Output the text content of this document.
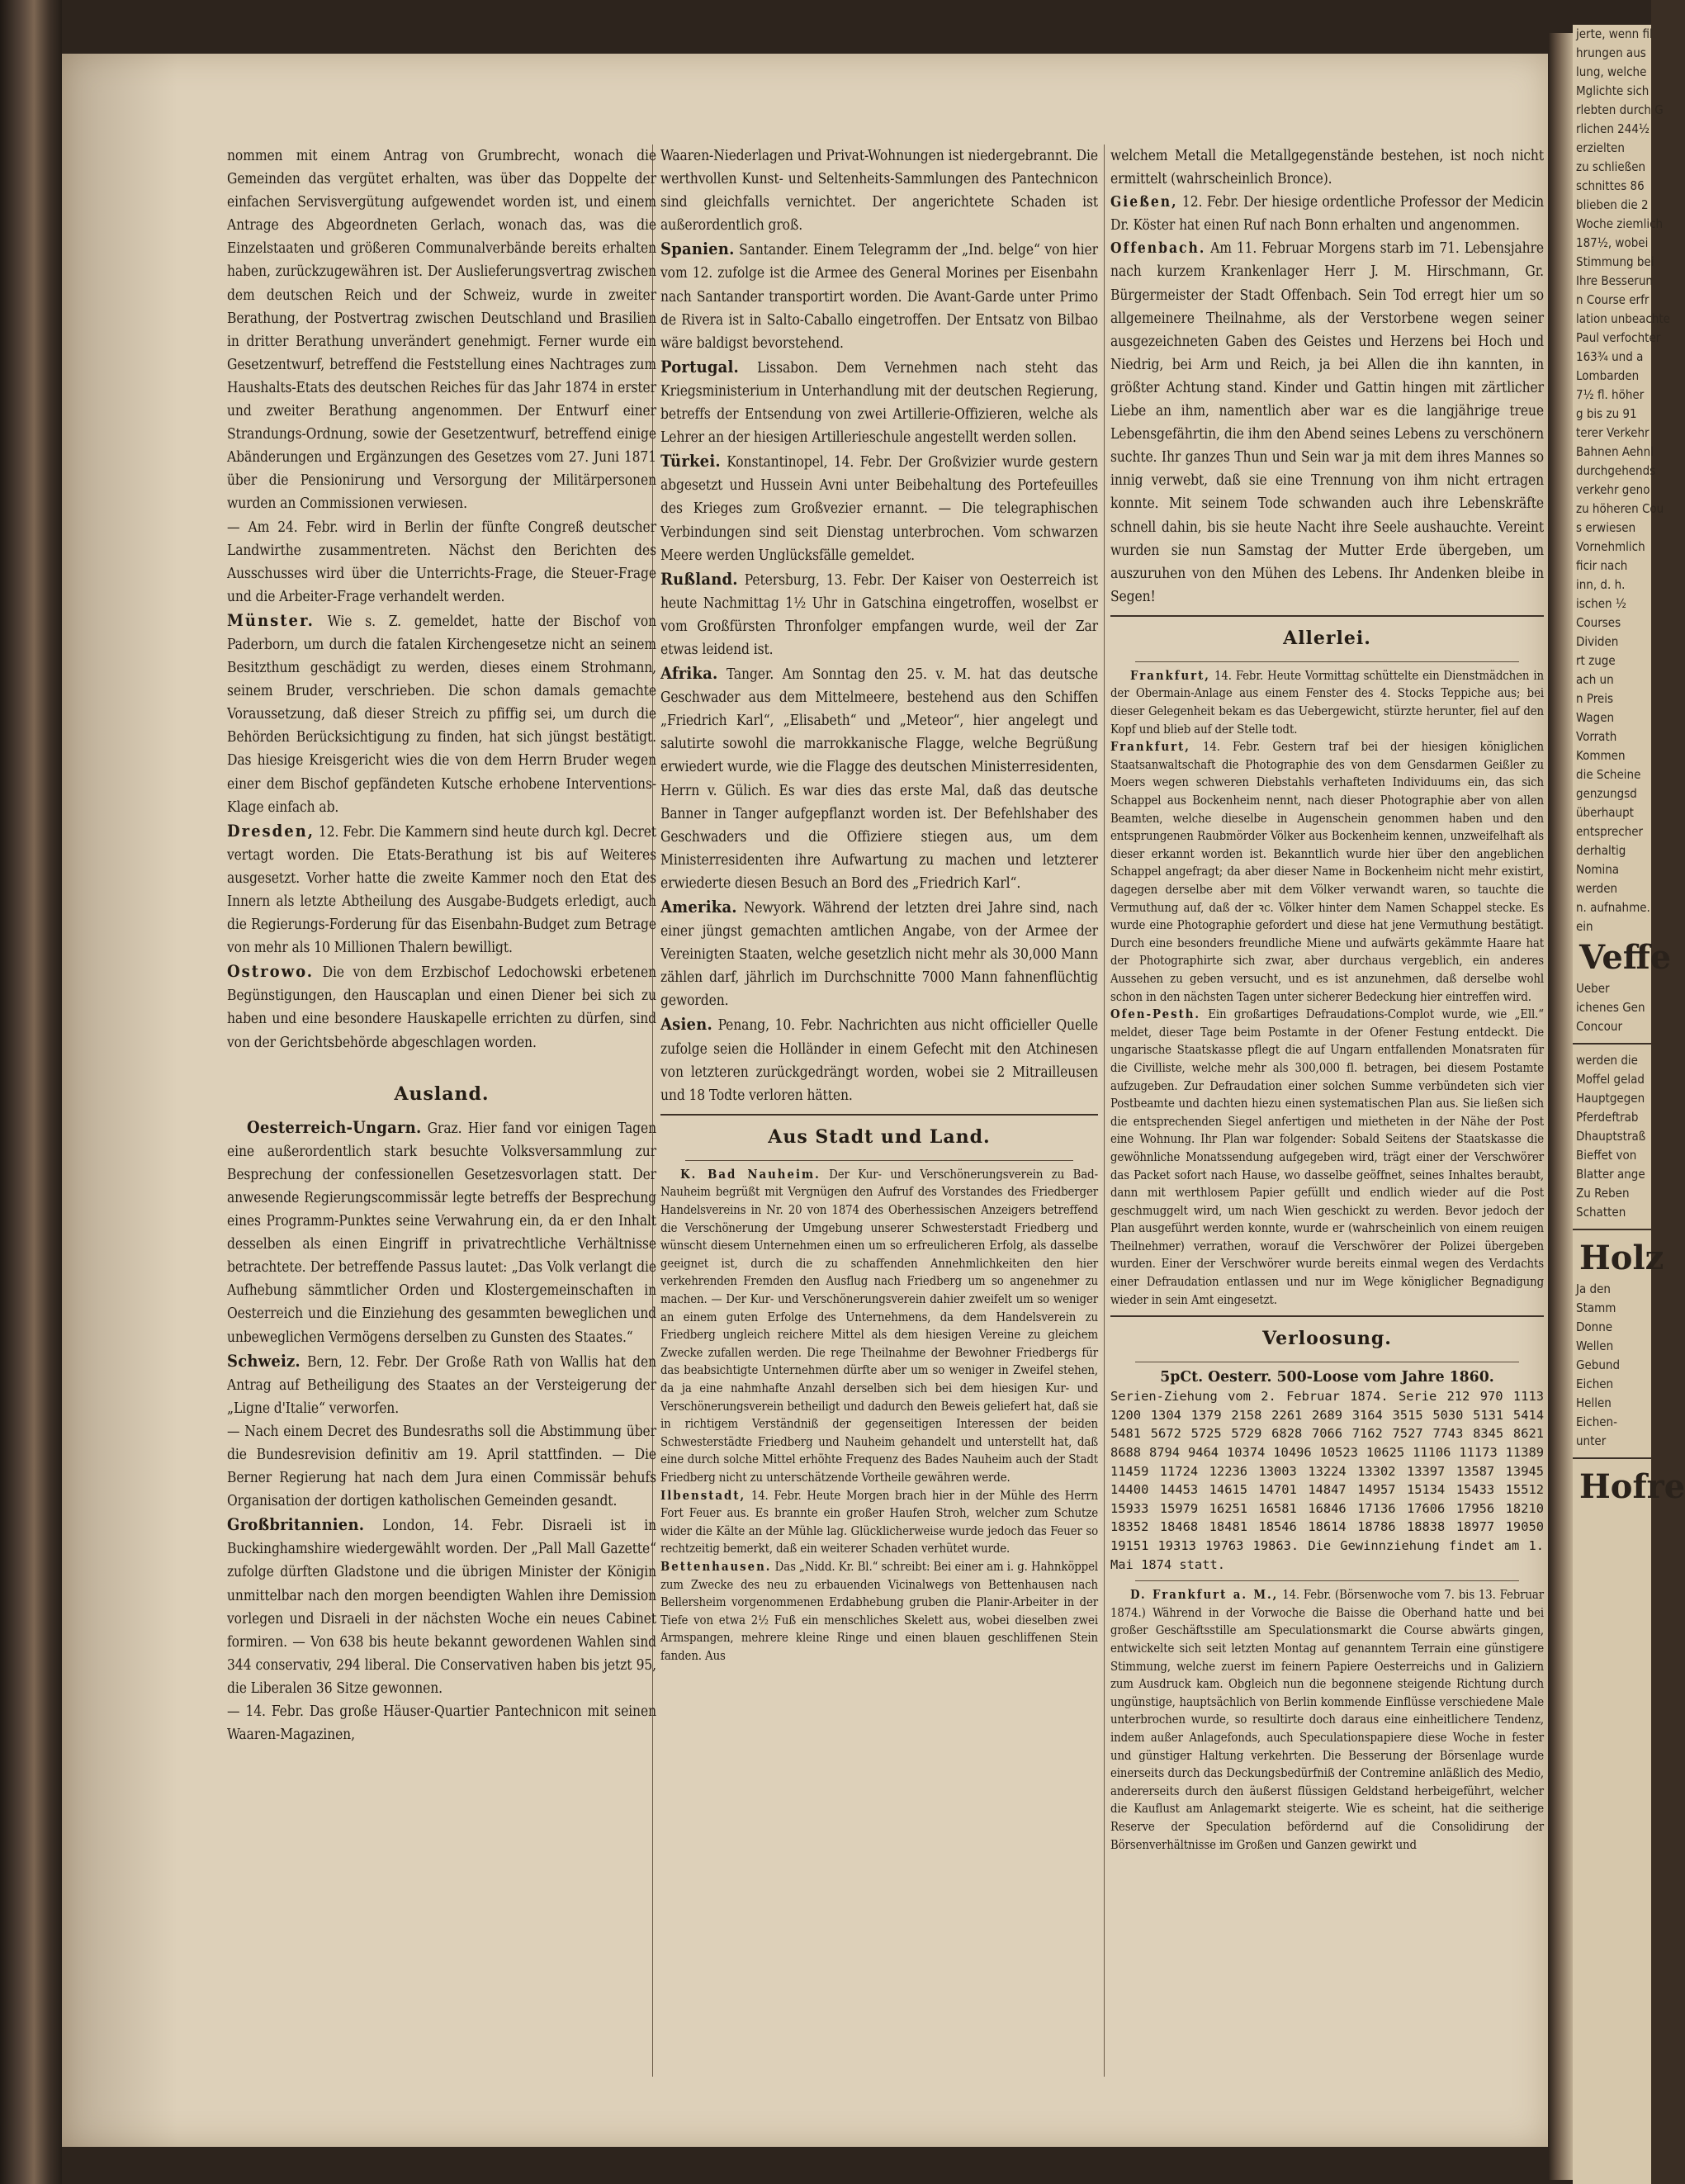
nommen mit einem Antrag von Grumbrecht, wonach die Gemeinden das vergütet erhalten, was über das Doppelte der einfachen Servisvergütung aufgewendet worden ist, und einem Antrage des Abgeordneten Gerlach, wonach das, was die Einzelstaaten und größeren Communalverbände bereits erhalten haben, zurückzugewähren ist. Der Auslieferungsvertrag zwischen dem deutschen Reich und der Schweiz, wurde in zweiter Berathung, der Postvertrag zwischen Deutschland und Brasilien in dritter Berathung unverändert genehmigt. Ferner wurde ein Gesetzentwurf, betreffend die Feststellung eines Nachtrages zum Haushalts-Etats des deutschen Reiches für das Jahr 1874 in erster und zweiter Berathung angenommen. Der Entwurf einer Strandungs-Ordnung, sowie der Gesetzentwurf, betreffend einige Abänderungen und Ergänzungen des Gesetzes vom 27. Juni 1871 über die Pensionirung und Versorgung der Militärpersonen wurden an Commissionen verwiesen.

— Am 24. Febr. wird in Berlin der fünfte Congreß deutscher Landwirthe zusammentreten. Nächst den Berichten des Ausschusses wird über die Unterrichts-Frage, die Steuer-Frage und die Arbeiter-Frage verhandelt werden.

Münster. Wie s. Z. gemeldet, hatte der Bischof von Paderborn, um durch die fatalen Kirchengesetze nicht an seinem Besitzthum geschädigt zu werden, dieses einem Strohmann, seinem Bruder, verschrieben. Die schon damals gemachte Voraussetzung, daß dieser Streich zu pfiffig sei, um durch die Behörden Berücksichtigung zu finden, hat sich jüngst bestätigt. Das hiesige Kreisgericht wies die von dem Herrn Bruder wegen einer dem Bischof gepfändeten Kutsche erhobene Interventions-Klage einfach ab.

Dresden, 12. Febr. Die Kammern sind heute durch kgl. Decret vertagt worden. Die Etats-Berathung ist bis auf Weiteres ausgesetzt. Vorher hatte die zweite Kammer noch den Etat des Innern als letzte Abtheilung des Ausgabe-Budgets erledigt, auch die Regierungs-Forderung für das Eisenbahn-Budget zum Betrage von mehr als 10 Millionen Thalern bewilligt.

Ostrowo. Die von dem Erzbischof Ledochowski erbetenen Begünstigungen, den Hauscaplan und einen Diener bei sich zu haben und eine besondere Hauskapelle errichten zu dürfen, sind von der Gerichtsbehörde abgeschlagen worden.

Ausland.

Oesterreich-Ungarn. Graz. Hier fand vor einigen Tagen eine außerordentlich stark besuchte Volksversammlung zur Besprechung der confessionellen Gesetzesvorlagen statt. Der anwesende Regierungscommissär legte betreffs der Besprechung eines Programm-Punktes seine Verwahrung ein, da er den Inhalt desselben als einen Eingriff in privatrechtliche Verhältnisse betrachtete. Der betreffende Passus lautet: „Das Volk verlangt die Aufhebung sämmtlicher Orden und Klostergemeinschaften in Oesterreich und die Einziehung des gesammten beweglichen und unbeweglichen Vermögens derselben zu Gunsten des Staates.“

Schweiz. Bern, 12. Febr. Der Große Rath von Wallis hat den Antrag auf Betheiligung des Staates an der Versteigerung der „Ligne d'Italie“ verworfen.

— Nach einem Decret des Bundesraths soll die Abstimmung über die Bundesrevision definitiv am 19. April stattfinden. — Die Berner Regierung hat nach dem Jura einen Commissär behufs Organisation der dortigen katholischen Gemeinden gesandt.

Großbritannien. London, 14. Febr. Disraeli ist in Buckinghamshire wiedergewählt worden. Der „Pall Mall Gazette“ zufolge dürften Gladstone und die übrigen Minister der Königin unmittelbar nach den morgen beendigten Wahlen ihre Demission vorlegen und Disraeli in der nächsten Woche ein neues Cabinet formiren. — Von 638 bis heute bekannt gewordenen Wahlen sind 344 conservativ, 294 liberal. Die Conservativen haben bis jetzt 95, die Liberalen 36 Sitze gewonnen.

— 14. Febr. Das große Häuser-Quartier Pantechnicon mit seinen Waaren-Magazinen,

Waaren-Niederlagen und Privat-Wohnungen ist niedergebrannt. Die werthvollen Kunst- und Seltenheits-Sammlungen des Pantechnicon sind gleichfalls vernichtet. Der angerichtete Schaden ist außerordentlich groß.

Spanien. Santander. Einem Telegramm der „Ind. belge“ von hier vom 12. zufolge ist die Armee des General Morines per Eisenbahn nach Santander transportirt worden. Die Avant-Garde unter Primo de Rivera ist in Salto-Caballo eingetroffen. Der Entsatz von Bilbao wäre baldigst bevorstehend.

Portugal. Lissabon. Dem Vernehmen nach steht das Kriegsministerium in Unterhandlung mit der deutschen Regierung, betreffs der Entsendung von zwei Artillerie-Offizieren, welche als Lehrer an der hiesigen Artillerieschule angestellt werden sollen.

Türkei. Konstantinopel, 14. Febr. Der Großvizier wurde gestern abgesetzt und Hussein Avni unter Beibehaltung des Portefeuilles des Krieges zum Großvezier ernannt. — Die telegraphischen Verbindungen sind seit Dienstag unterbrochen. Vom schwarzen Meere werden Unglücksfälle gemeldet.

Rußland. Petersburg, 13. Febr. Der Kaiser von Oesterreich ist heute Nachmittag 1½ Uhr in Gatschina eingetroffen, woselbst er vom Großfürsten Thronfolger empfangen wurde, weil der Zar etwas leidend ist.

Afrika. Tanger. Am Sonntag den 25. v. M. hat das deutsche Geschwader aus dem Mittelmeere, bestehend aus den Schiffen „Friedrich Karl“, „Elisabeth“ und „Meteor“, hier angelegt und salutirte sowohl die marrokkanische Flagge, welche Begrüßung erwiedert wurde, wie die Flagge des deutschen Ministerresidenten, Herrn v. Gülich. Es war dies das erste Mal, daß das deutsche Banner in Tanger aufgepflanzt worden ist. Der Befehlshaber des Geschwaders und die Offiziere stiegen aus, um dem Ministerresidenten ihre Aufwartung zu machen und letzterer erwiederte diesen Besuch an Bord des „Friedrich Karl“.

Amerika. Newyork. Während der letzten drei Jahre sind, nach einer jüngst gemachten amtlichen Angabe, von der Armee der Vereinigten Staaten, welche gesetzlich nicht mehr als 30,000 Mann zählen darf, jährlich im Durchschnitte 7000 Mann fahnenflüchtig geworden.

Asien. Penang, 10. Febr. Nachrichten aus nicht officieller Quelle zufolge seien die Holländer in einem Gefecht mit den Atchinesen von letzteren zurückgedrängt worden, wobei sie 2 Mitrailleusen und 18 Todte verloren hätten.

Aus Stadt und Land.

K. Bad Nauheim. Der Kur- und Verschönerungsverein zu Bad-Nauheim begrüßt mit Vergnügen den Aufruf des Vorstandes des Friedberger Handelsvereins in Nr. 20 von 1874 des Oberhessischen Anzeigers betreffend die Verschönerung der Umgebung unserer Schwesterstadt Friedberg und wünscht diesem Unternehmen einen um so erfreulicheren Erfolg, als dasselbe geeignet ist, durch die zu schaffenden Annehmlichkeiten den hier verkehrenden Fremden den Ausflug nach Friedberg um so angenehmer zu machen. — Der Kur- und Verschönerungsverein dahier zweifelt um so weniger an einem guten Erfolge des Unternehmens, da dem Handelsverein zu Friedberg ungleich reichere Mittel als dem hiesigen Vereine zu gleichem Zwecke zufallen werden. Die rege Theilnahme der Bewohner Friedbergs für das beabsichtigte Unternehmen dürfte aber um so weniger in Zweifel stehen, da ja eine nahmhafte Anzahl derselben sich bei dem hiesigen Kur- und Verschönerungsverein betheiligt und dadurch den Beweis geliefert hat, daß sie in richtigem Verständniß der gegenseitigen Interessen der beiden Schwesterstädte Friedberg und Nauheim gehandelt und unterstellt hat, daß eine durch solche Mittel erhöhte Frequenz des Bades Nauheim auch der Stadt Friedberg nicht zu unterschätzende Vortheile gewähren werde.

Ilbenstadt, 14. Febr. Heute Morgen brach hier in der Mühle des Herrn Fort Feuer aus. Es brannte ein großer Haufen Stroh, welcher zum Schutze wider die Kälte an der Mühle lag. Glücklicherweise wurde jedoch das Feuer so rechtzeitig bemerkt, daß ein weiterer Schaden verhütet wurde.

Bettenhausen. Das „Nidd. Kr. Bl.“ schreibt: Bei einer am i. g. Hahnköppel zum Zwecke des neu zu erbauenden Vicinalwegs von Bettenhausen nach Bellersheim vorgenommenen Erdabhebung gruben die Planir-Arbeiter in der Tiefe von etwa 2½ Fuß ein menschliches Skelett aus, wobei dieselben zwei Armspangen, mehrere kleine Ringe und einen blauen geschliffenen Stein fanden. Aus

welchem Metall die Metallgegenstände bestehen, ist noch nicht ermittelt (wahrscheinlich Bronce).

Gießen, 12. Febr. Der hiesige ordentliche Professor der Medicin Dr. Köster hat einen Ruf nach Bonn erhalten und angenommen.

Offenbach. Am 11. Februar Morgens starb im 71. Lebensjahre nach kurzem Krankenlager Herr J. M. Hirschmann, Gr. Bürgermeister der Stadt Offenbach. Sein Tod erregt hier um so allgemeinere Theilnahme, als der Verstorbene wegen seiner ausgezeichneten Gaben des Geistes und Herzens bei Hoch und Niedrig, bei Arm und Reich, ja bei Allen die ihn kannten, in größter Achtung stand. Kinder und Gattin hingen mit zärtlicher Liebe an ihm, namentlich aber war es die langjährige treue Lebensgefährtin, die ihm den Abend seines Lebens zu verschönern suchte. Ihr ganzes Thun und Sein war ja mit dem ihres Mannes so innig verwebt, daß sie eine Trennung von ihm nicht ertragen konnte. Mit seinem Tode schwanden auch ihre Lebenskräfte schnell dahin, bis sie heute Nacht ihre Seele aushauchte. Vereint wurden sie nun Samstag der Mutter Erde übergeben, um auszuruhen von den Mühen des Lebens. Ihr Andenken bleibe in Segen!

Allerlei.

Frankfurt, 14. Febr. Heute Vormittag schüttelte ein Dienstmädchen in der Obermain-Anlage aus einem Fenster des 4. Stocks Teppiche aus; bei dieser Gelegenheit bekam es das Uebergewicht, stürzte herunter, fiel auf den Kopf und blieb auf der Stelle todt.

Frankfurt, 14. Febr. Gestern traf bei der hiesigen königlichen Staatsanwaltschaft die Photographie des von dem Gensdarmen Geißler zu Moers wegen schweren Diebstahls verhafteten Individuums ein, das sich Schappel aus Bockenheim nennt, nach dieser Photographie aber von allen Beamten, welche dieselbe in Augenschein genommen haben und den entsprungenen Raubmörder Völker aus Bockenheim kennen, unzweifelhaft als dieser erkannt worden ist. Bekanntlich wurde hier über den angeblichen Schappel angefragt; da aber dieser Name in Bockenheim nicht mehr existirt, dagegen derselbe aber mit dem Völker verwandt waren, so tauchte die Vermuthung auf, daß der ꝛc. Völker hinter dem Namen Schappel stecke. Es wurde eine Photographie gefordert und diese hat jene Vermuthung bestätigt. Durch eine besonders freundliche Miene und aufwärts gekämmte Haare hat der Photographirte sich zwar, aber durchaus vergeblich, ein anderes Aussehen zu geben versucht, und es ist anzunehmen, daß derselbe wohl schon in den nächsten Tagen unter sicherer Bedeckung hier eintreffen wird.

Ofen-Pesth. Ein großartiges Defraudations-Complot wurde, wie „Ell.“ meldet, dieser Tage beim Postamte in der Ofener Festung entdeckt. Die ungarische Staatskasse pflegt die auf Ungarn entfallenden Monatsraten für die Civilliste, welche mehr als 300,000 fl. betragen, bei diesem Postamte aufzugeben. Zur Defraudation einer solchen Summe verbündeten sich vier Postbeamte und dachten hiezu einen systematischen Plan aus. Sie ließen sich die entsprechenden Siegel anfertigen und mietheten in der Nähe der Post eine Wohnung. Ihr Plan war folgender: Sobald Seitens der Staatskasse die gewöhnliche Monatssendung aufgegeben wird, trägt einer der Verschwörer das Packet sofort nach Hause, wo dasselbe geöffnet, seines Inhaltes beraubt, dann mit werthlosem Papier gefüllt und endlich wieder auf die Post geschmuggelt wird, um nach Wien geschickt zu werden. Bevor jedoch der Plan ausgeführt werden konnte, wurde er (wahrscheinlich von einem reuigen Theilnehmer) verrathen, worauf die Verschwörer der Polizei übergeben wurden. Einer der Verschwörer wurde bereits einmal wegen des Verdachts einer Defraudation entlassen und nur im Wege königlicher Begnadigung wieder in sein Amt eingesetzt.

Verloosung.

5pCt. Oesterr. 500-Loose vom Jahre 1860.

Serien-Ziehung vom 2. Februar 1874. Serie 212 970 1113 1200 1304 1379 2158 2261 2689 3164 3515 5030 5131 5414 5481 5672 5725 5729 6828 7066 7162 7527 7743 8345 8621 8688 8794 9464 10374 10496 10523 10625 11106 11173 11389 11459 11724 12236 13003 13224 13302 13397 13587 13945 14400 14453 14615 14701 14847 14957 15134 15433 15512 15933 15979 16251 16581 16846 17136 17606 17956 18210 18352 18468 18481 18546 18614 18786 18838 18977 19050 19151 19313 19763 19863. Die Gewinnziehung findet am 1. Mai 1874 statt.

D. Frankfurt a. M., 14. Febr. (Börsenwoche vom 7. bis 13. Februar 1874.) Während in der Vorwoche die Baisse die Oberhand hatte und bei großer Geschäftsstille am Speculationsmarkt die Course abwärts gingen, entwickelte sich seit letzten Montag auf genanntem Terrain eine günstigere Stimmung, welche zuerst im feinern Papiere Oesterreichs und in Galiziern zum Ausdruck kam. Obgleich nun die begonnene steigende Richtung durch ungünstige, hauptsächlich von Berlin kommende Einflüsse verschiedene Male unterbrochen wurde, so resultirte doch daraus eine einheitlichere Tendenz, indem außer Anlagefonds, auch Speculationspapiere diese Woche in fester und günstiger Haltung verkehrten. Die Besserung der Börsenlage wurde einerseits durch das Deckungsbedürfniß der Contremine anläßlich des Medio, andererseits durch den äußerst flüssigen Geldstand herbeigeführt, welcher die Kauflust am Anlagemarkt steigerte. Wie es scheint, hat die seitherige Reserve der Speculation befördernd auf die Consolidirung der Börsenverhältnisse im Großen und Ganzen gewirkt und

jerte, wenn fil
hrungen aus
lung, welche
Mglichte sich
rlebten durch G
rlichen 244½
erzielten
zu schließen
schnittes 86
blieben die 2
Woche ziemlich
187½, wobei
Stimmung bei
Ihre Besserun
n Course erfr
lation unbeachte
Paul verfochter
163¾ und a
Lombarden
7½ fl. höher
g bis zu 91
terer Verkehr
Bahnen Aehnl
durchgehends
verkehr geno
zu höheren Cou
s erwiesen
Vornehmlich
ficir nach
inn, d. h.
ischen ½
Courses
Dividen
rt zuge
ach un
n Preis
Wagen
Vorrath
Kommen
die Scheine
genzungsd
überhaupt
entsprecher
derhaltig
Nomina
werden
n. aufnahme.
ein
Veffe
Ueber
ichenes Gen
Concour
werden die
Moffel gelad
Hauptgegen
Pferdeftrab
Dhauptstraß
Bieffet von
Blatter ange
Zu Reben
Schatten
Holz
Ja den
Stamm
Donne
Wellen
Gebund
Eichen
Hellen
Eichen-
unter
Hofre
